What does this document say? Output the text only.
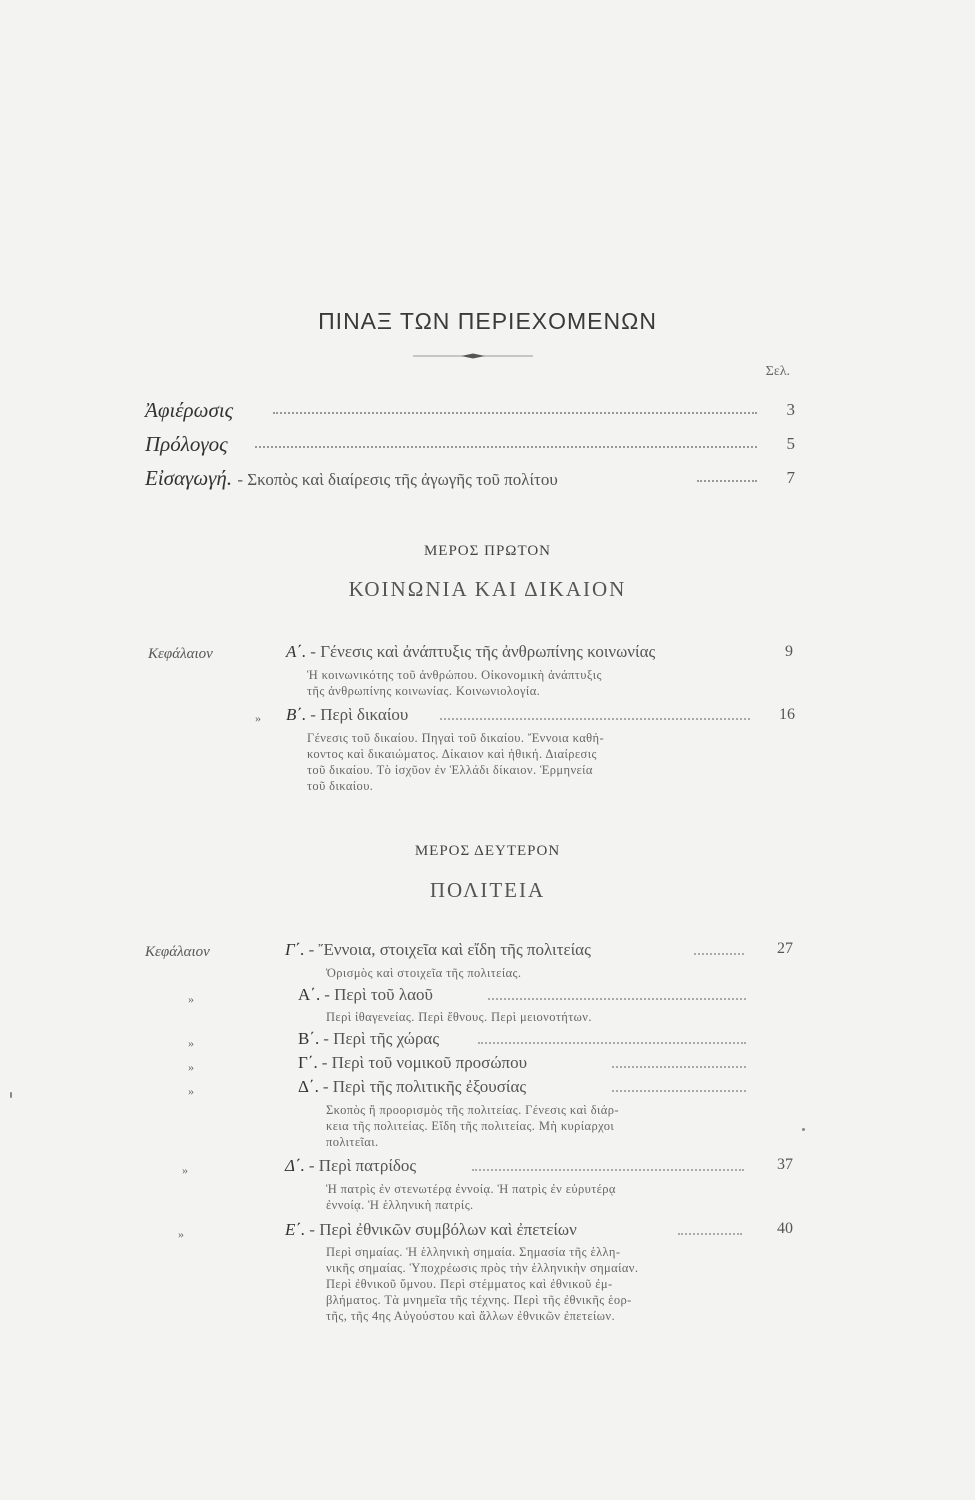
ΠΙΝΑΞ ΤΩΝ ΠΕΡΙΕΧΟΜΕΝΩΝ
Σελ.
Ἀφιέρωσις	3
Πρόλογος	5
Εἰσαγωγή. - Σκοπὸς καὶ διαίρεσις τῆς ἀγωγῆς τοῦ πολίτου	7
ΜΕΡΟΣ ΠΡΩΤΟΝ
ΚΟΙΝΩΝΙΑ ΚΑΙ ΔΙΚΑΙΟΝ
Κεφάλαιον	Α΄. - Γένεσις καὶ ἀνάπτυξις τῆς ἀνθρωπίνης κοινωνίας	9
Ἡ κοινωνικότης τοῦ ἀνθρώπου. Οἰκονομικὴ ἀνάπτυξις
τῆς ἀνθρωπίνης κοινωνίας. Κοινωνιολογία.
» Β΄. - Περὶ δικαίου	16
Γένεσις τοῦ δικαίου. Πηγαὶ τοῦ δικαίου. Ἔννοια καθή-
κοντος καὶ δικαιώματος. Δίκαιον καὶ ἠθική. Διαίρεσις
τοῦ δικαίου. Τὸ ἰσχῦον ἐν Ἑλλάδι δίκαιον. Ἑρμηνεία
τοῦ δικαίου.
ΜΕΡΟΣ ΔΕΥΤΕΡΟΝ
ΠΟΛΙΤΕΙΑ
Κεφάλαιον	Γ΄. - Ἔννοια, στοιχεῖα καὶ εἴδη τῆς πολιτείας	27
Ὁρισμὸς καὶ στοιχεῖα τῆς πολιτείας.
»	Α΄. - Περὶ τοῦ λαοῦ
Περὶ ἰθαγενείας. Περὶ ἔθνους. Περὶ μειονοτήτων.
»	Β΄. - Περὶ τῆς χώρας
»	Γ΄. - Περὶ τοῦ νομικοῦ προσώπου
»	Δ΄. - Περὶ τῆς πολιτικῆς ἐξουσίας
Σκοπὸς ἢ προορισμὸς τῆς πολιτείας. Γένεσις καὶ διάρ-
κεια τῆς πολιτείας. Εἴδη τῆς πολιτείας. Μὴ κυρίαρχοι
πολιτεῖαι.
»	Δ΄. - Περὶ πατρίδος	37
Ἡ πατρὶς ἐν στενωτέρᾳ ἐννοίᾳ. Ἡ πατρὶς ἐν εὐρυτέρᾳ
ἐννοίᾳ. Ἡ ἑλληνικὴ πατρίς.
»	Ε΄. - Περὶ ἐθνικῶν συμβόλων καὶ ἐπετείων	40
Περὶ σημαίας. Ἡ ἑλληνικὴ σημαία. Σημασία τῆς ἑλλη-
νικῆς σημαίας. Ὑποχρέωσις πρὸς τὴν ἑλληνικὴν σημαίαν.
Περὶ ἐθνικοῦ ὕμνου. Περὶ στέμματος καὶ ἐθνικοῦ ἐμ-
βλήματος. Τὰ μνημεῖα τῆς τέχνης. Περὶ τῆς ἐθνικῆς ἑορ-
τῆς, τῆς 4ης Αὐγούστου καὶ ἄλλων ἐθνικῶν ἐπετείων.
